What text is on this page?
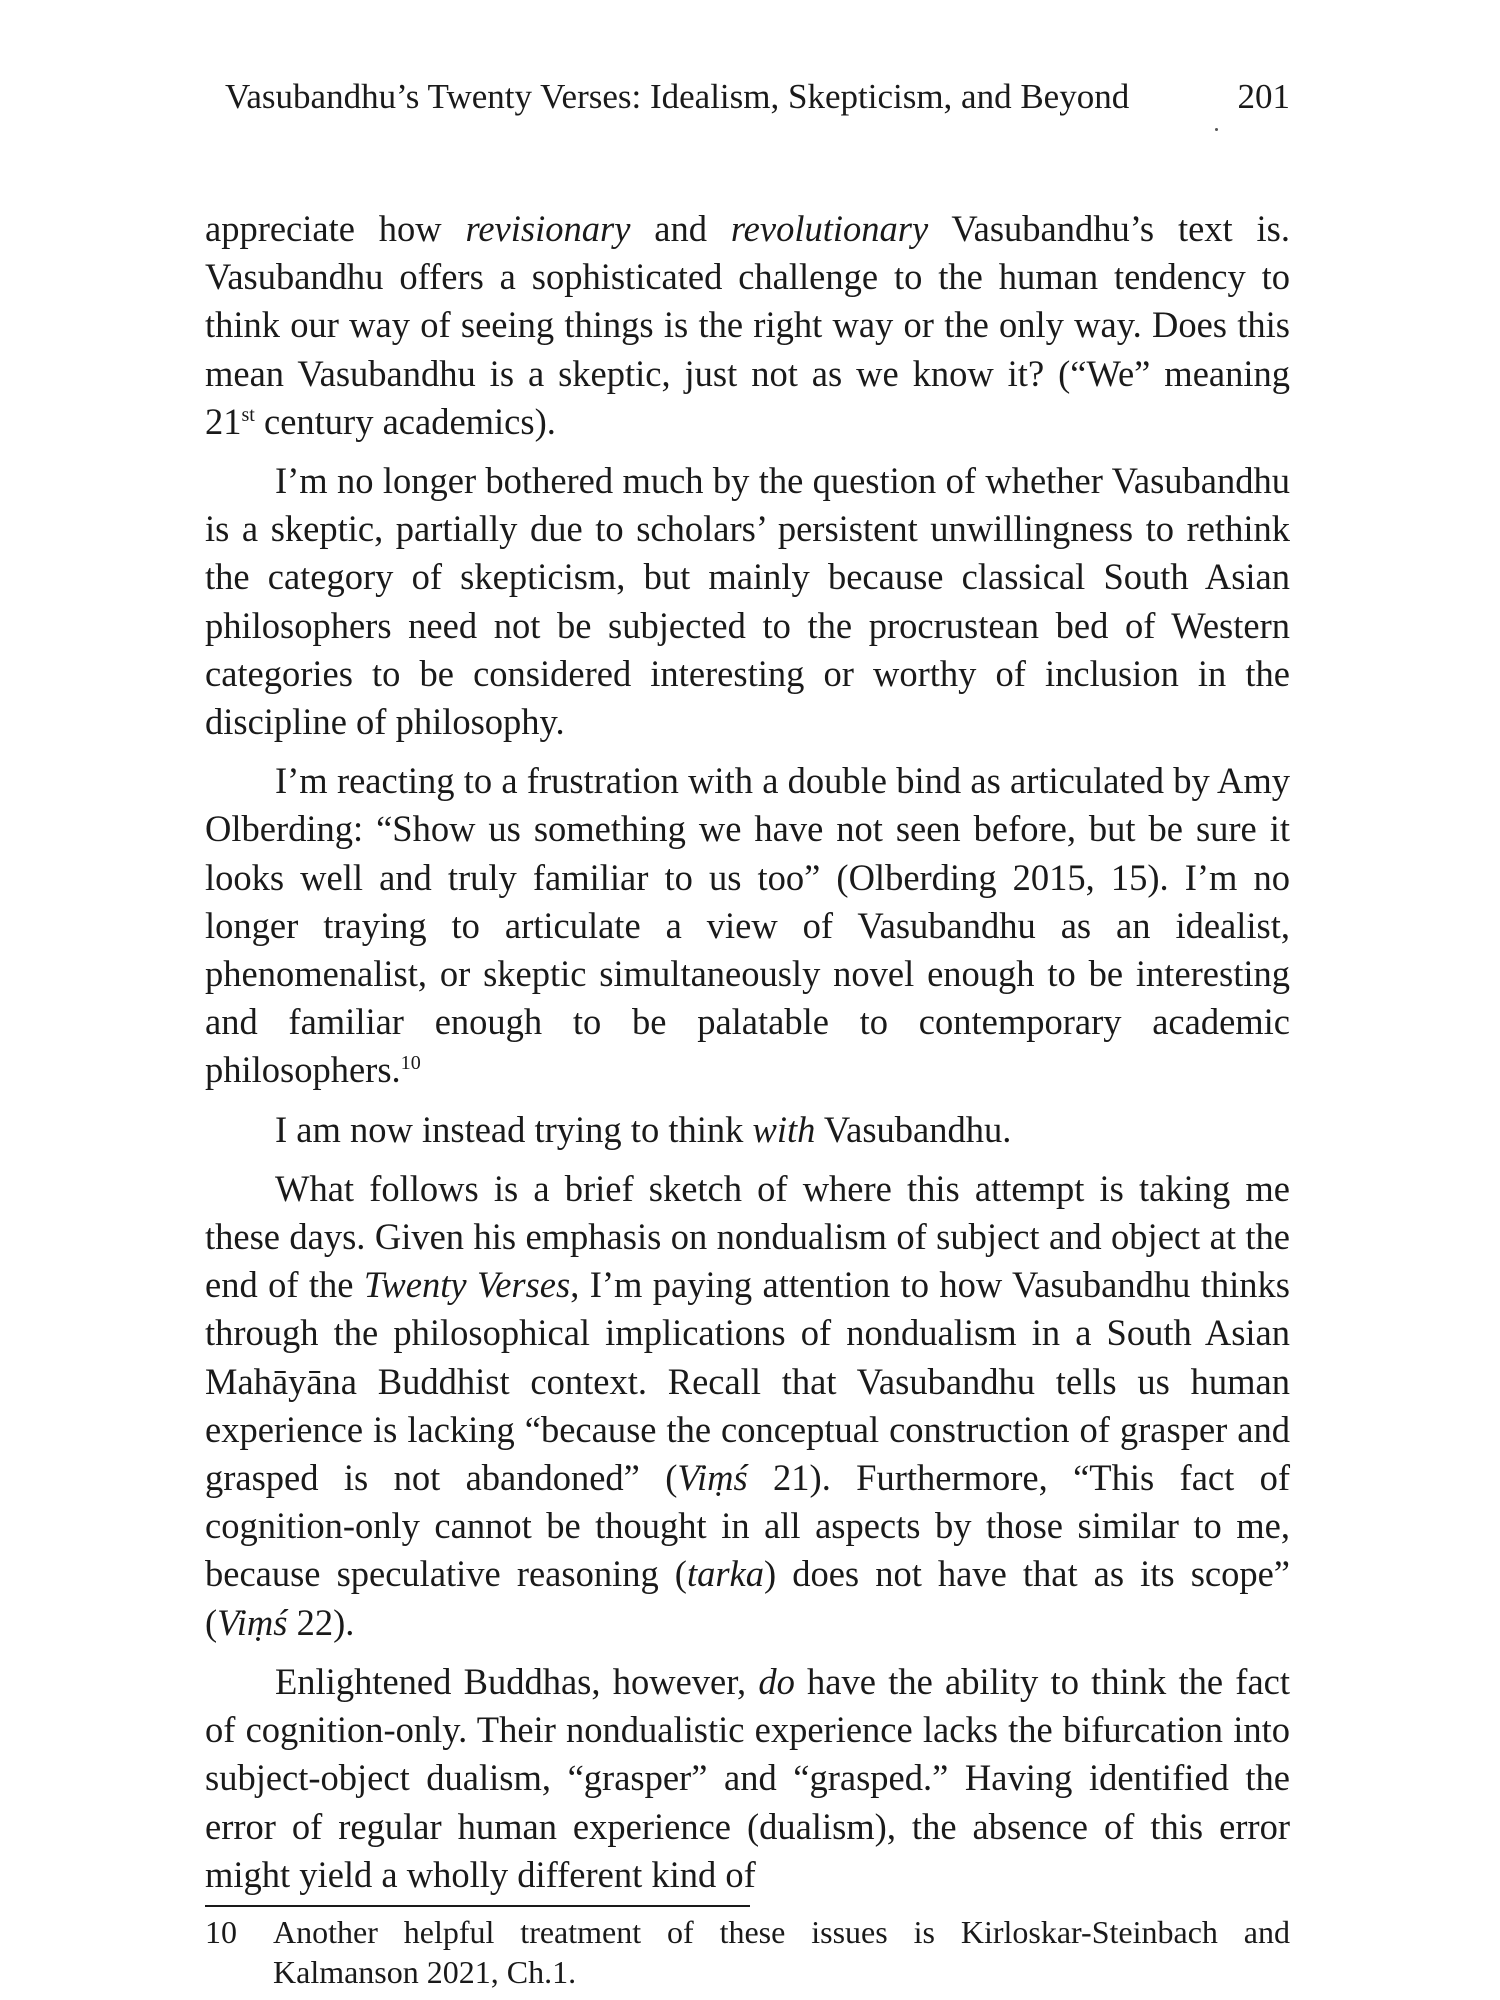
Vasubandhu’s Twenty Verses: Idealism, Skepticism, and Beyond	201

appreciate how revisionary and revolutionary Vasubandhu’s text is. Vasubandhu offers a sophisticated challenge to the human tendency to think our way of seeing things is the right way or the only way. Does this mean Vasubandhu is a skeptic, just not as we know it? (“We” meaning 21st century academics).

I’m no longer bothered much by the question of whether Vasubandhu is a skeptic, partially due to scholars’ persistent unwillingness to rethink the category of skepticism, but mainly because classical South Asian philosophers need not be subjected to the procrustean bed of Western categories to be considered interesting or worthy of inclusion in the discipline of philosophy.

I’m reacting to a frustration with a double bind as articulated by Amy Olberding: “Show us something we have not seen before, but be sure it looks well and truly familiar to us too” (Olberding 2015, 15). I’m no longer traying to articulate a view of Vasubandhu as an idealist, phenomenalist, or skeptic simultaneously novel enough to be interesting and familiar enough to be palatable to contemporary academic philosophers.$^{10}$

I am now instead trying to think with Vasubandhu.

What follows is a brief sketch of where this attempt is taking me these days. Given his emphasis on nondualism of subject and object at the end of the Twenty Verses, I’m paying attention to how Vasubandhu thinks through the philosophical implications of nondualism in a South Asian Mahāyāna Buddhist context. Recall that Vasubandhu tells us human experience is lacking “because the conceptual construction of grasper and grasped is not abandoned” (Viṃś 21). Furthermore, “This fact of cognition-only cannot be thought in all aspects by those similar to me, because speculative reasoning (tarka) does not have that as its scope” (Viṃś 22).

Enlightened Buddhas, however, do have the ability to think the fact of cognition-only. Their nondualistic experience lacks the bifurcation into subject-object dualism, “grasper” and “grasped.” Having identified the error of regular human experience (dualism), the absence of this error might yield a wholly different kind of

10 Another helpful treatment of these issues is Kirloskar-Steinbach and Kalmanson 2021, Ch.1.
